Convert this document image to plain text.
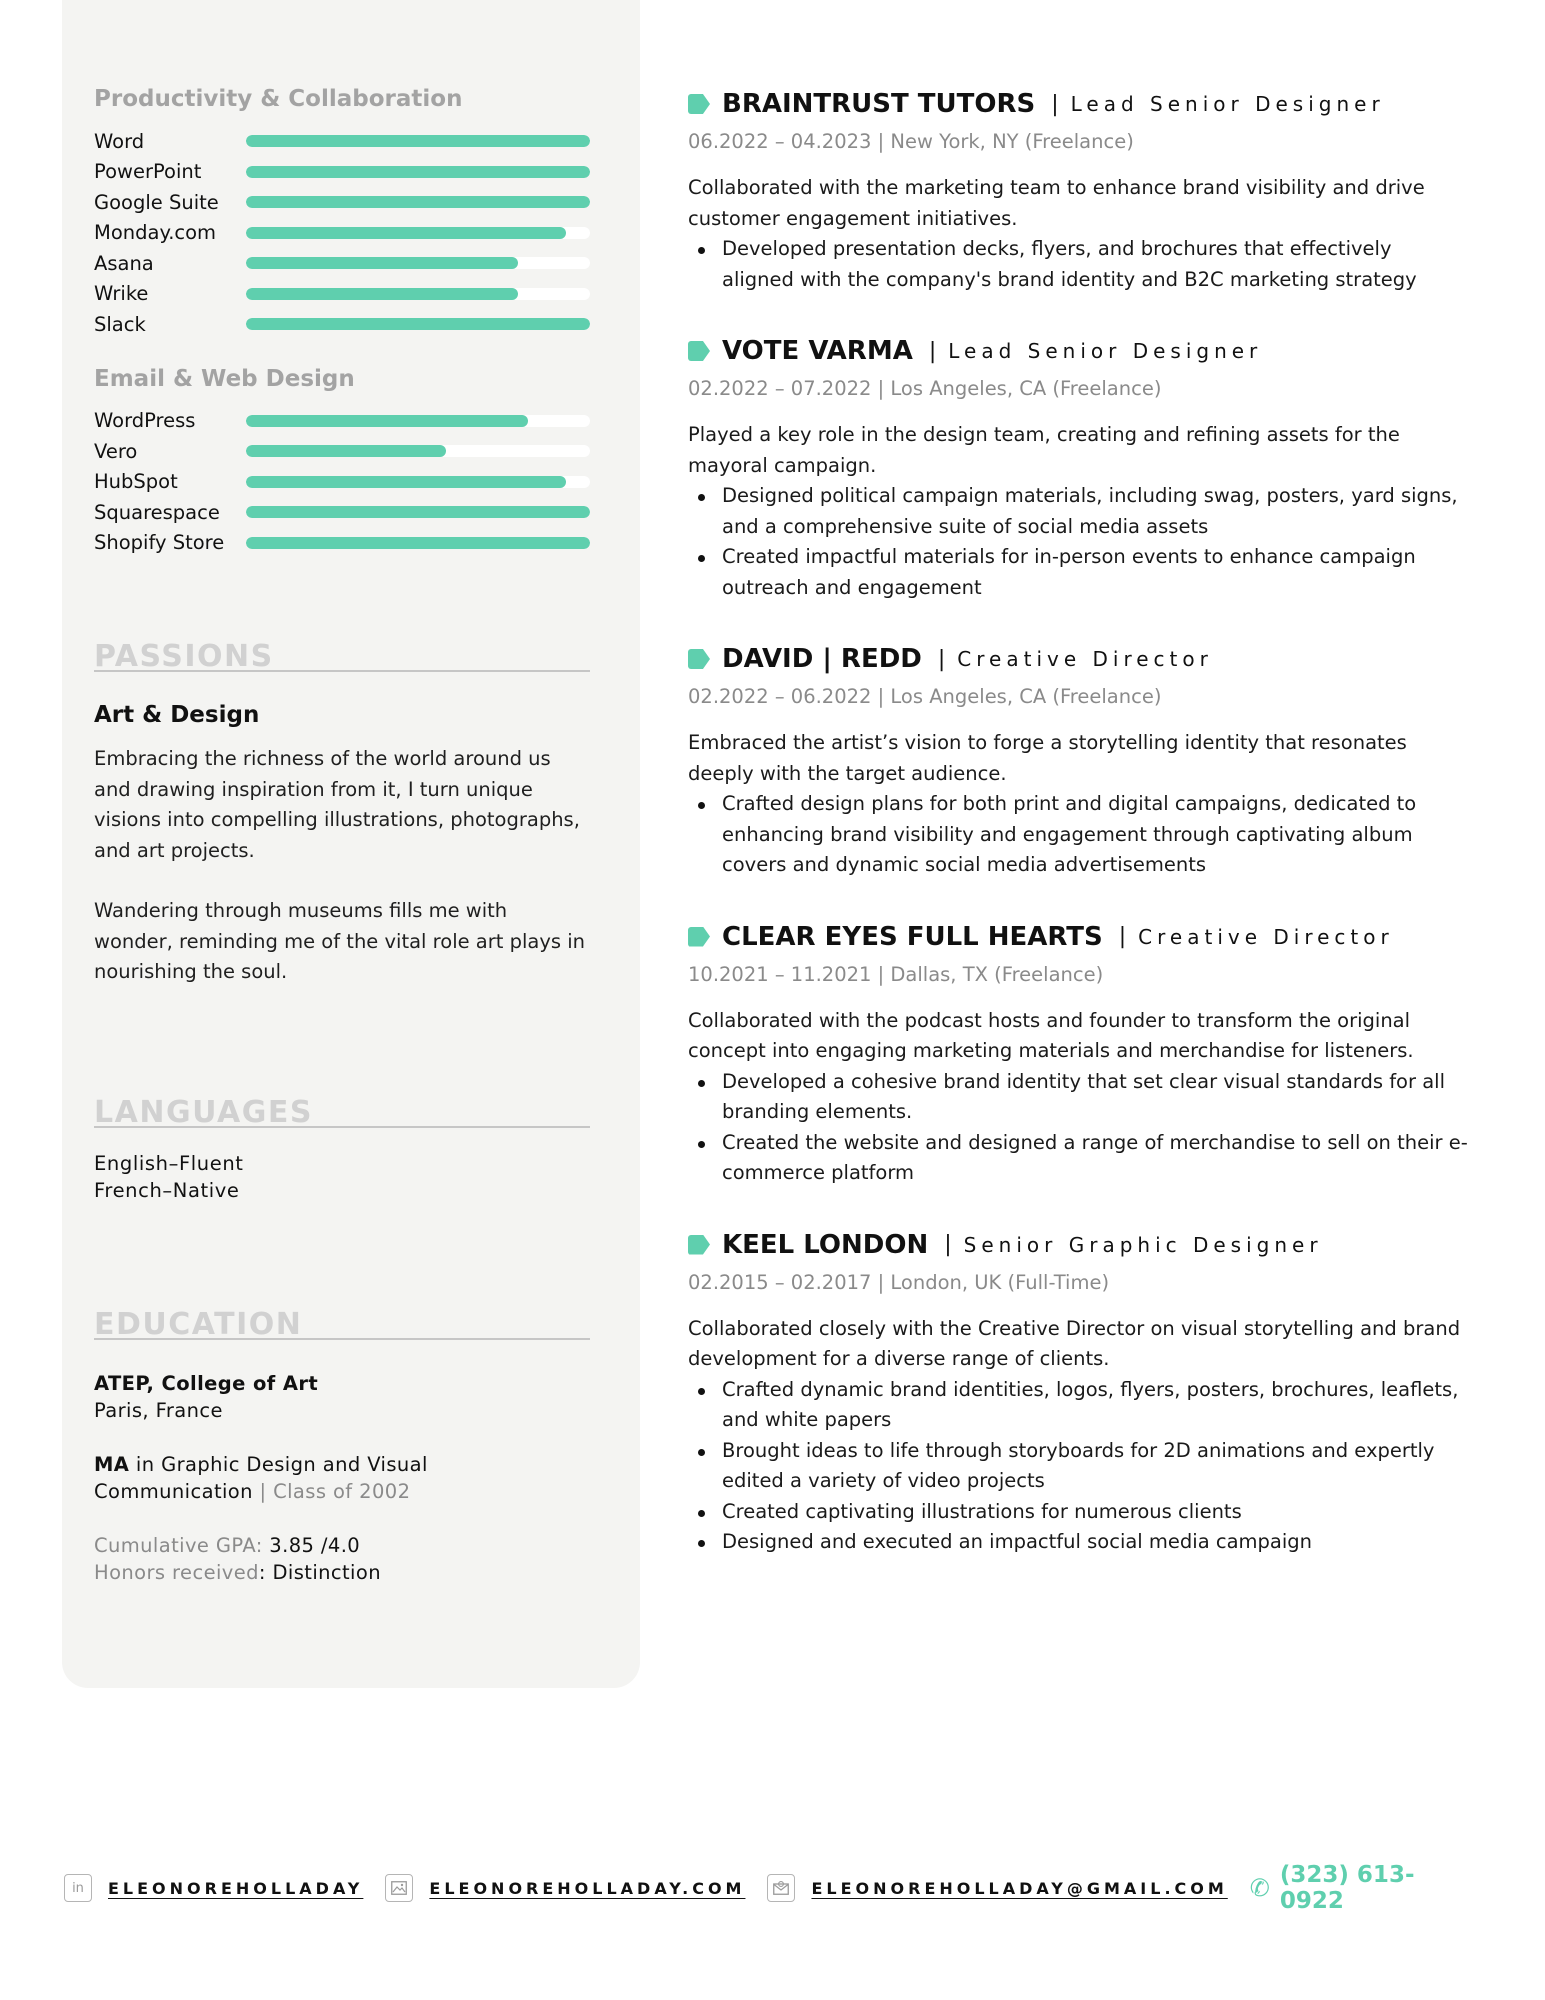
Productivity & Collaboration
Word
PowerPoint
Google Suite
Monday.com
Asana
Wrike
Slack
Email & Web Design
WordPress
Vero
HubSpot
Squarespace
Shopify Store
PASSIONS
Art & Design

Embracing the richness of the world around us and drawing inspiration from it, I turn unique visions into compelling illustrations, photographs, and art projects.

Wandering through museums fills me with wonder, reminding me of the vital role art plays in nourishing the soul.

LANGUAGES
English–Fluent
French–Native
EDUCATION
ATEP, College of Art
Paris, France
MA in Graphic Design and Visual
Communication | Class of 2002
Cumulative GPA: 3.85 /4.0
Honors received: Distinction
BRAINTRUST TUTORS | Lead Senior Designer
06.2022 – 04.2023 | New York, NY (Freelance)
Collaborated with the marketing team to enhance brand visibility and drive customer engagement initiatives.
Developed presentation decks, flyers, and brochures that effectively aligned with the company's brand identity and B2C marketing strategy
VOTE VARMA | Lead Senior Designer
02.2022 – 07.2022 | Los Angeles, CA (Freelance)
Played a key role in the design team, creating and refining assets for the mayoral campaign.
Designed political campaign materials, including swag, posters, yard signs, and a comprehensive suite of social media assets
Created impactful materials for in-person events to enhance campaign outreach and engagement
DAVID | REDD | Creative Director
02.2022 – 06.2022 | Los Angeles, CA (Freelance)
Embraced the artist’s vision to forge a storytelling identity that resonates deeply with the target audience.
Crafted design plans for both print and digital campaigns, dedicated to enhancing brand visibility and engagement through captivating album covers and dynamic social media advertisements
CLEAR EYES FULL HEARTS | Creative Director
10.2021 – 11.2021 | Dallas, TX (Freelance)
Collaborated with the podcast hosts and founder to transform the original concept into engaging marketing materials and merchandise for listeners.
Developed a cohesive brand identity that set clear visual standards for all branding elements.
Created the website and designed a range of merchandise to sell on their e-commerce platform
KEEL LONDON | Senior Graphic Designer
02.2015 – 02.2017 | London, UK (Full-Time)
Collaborated closely with the Creative Director on visual storytelling and brand development for a diverse range of clients.
Crafted dynamic brand identities, logos, flyers, posters, brochures, leaflets, and white papers
Brought ideas to life through storyboards for 2D animations and expertly edited a variety of video projects
Created captivating illustrations for numerous clients
Designed and executed an impactful social media campaign
in	ELEONOREHOLLADAY	ELEONOREHOLLADAY.COM	ELEONOREHOLLADAY@GMAIL.COM ✆ (323) 613-0922
